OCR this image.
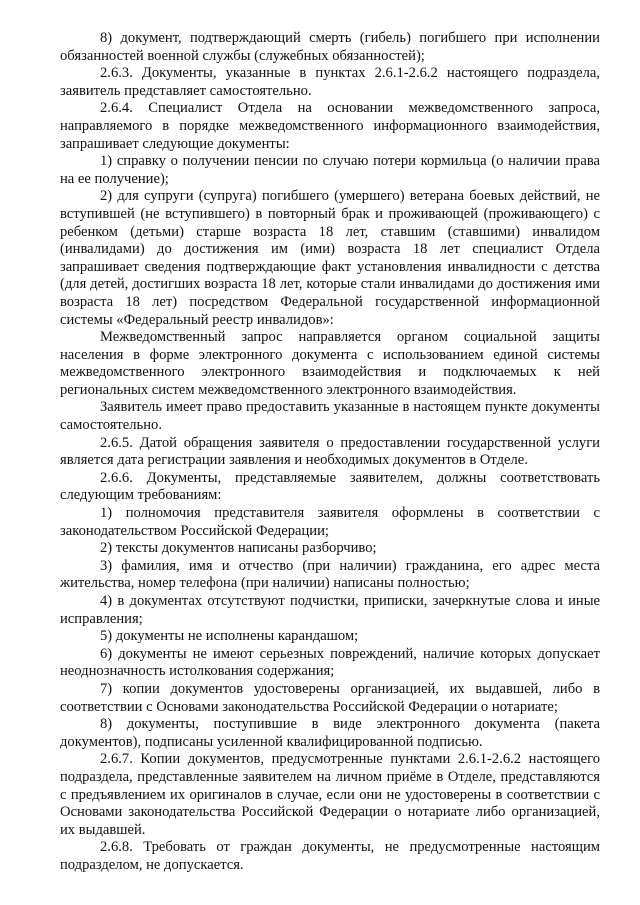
8) документ, подтверждающий смерть (гибель) погибшего при исполнении обязанностей военной службы (служебных обязанностей);

2.6.3. Документы, указанные в пунктах 2.6.1-2.6.2 настоящего подраздела, заявитель представляет самостоятельно.

2.6.4. Специалист Отдела на основании межведомственного запроса, направляемого в порядке межведомственного информационного взаимодействия, запрашивает следующие документы:

1) справку о получении пенсии по случаю потери кормильца (о наличии права на ее получение);

2) для супруги (супруга) погибшего (умершего) ветерана боевых действий, не вступившей (не вступившего) в повторный брак и проживающей (проживающего) с ребенком (детьми) старше возраста 18 лет, ставшим (ставшими) инвалидом (инвалидами) до достижения им (ими) возраста 18 лет специалист Отдела запрашивает сведения подтверждающие факт установления инвалидности с детства (для детей, достигших возраста 18 лет, которые стали инвалидами до достижения ими возраста 18 лет) посредством Федеральной государственной информационной системы «Федеральный реестр инвалидов»:

Межведомственный запрос направляется органом социальной защиты населения в форме электронного документа с использованием единой системы межведомственного электронного взаимодействия и подключаемых к ней региональных систем межведомственного электронного взаимодействия.

Заявитель имеет право предоставить указанные в настоящем пункте документы самостоятельно.

2.6.5. Датой обращения заявителя о предоставлении государственной услуги является дата регистрации заявления и необходимых документов в Отделе.

2.6.6. Документы, представляемые заявителем, должны соответствовать следующим требованиям:

1) полномочия представителя заявителя оформлены в соответствии с законодательством Российской Федерации;

2) тексты документов написаны разборчиво;

3) фамилия, имя и отчество (при наличии) гражданина, его адрес места жительства, номер телефона (при наличии) написаны полностью;

4) в документах отсутствуют подчистки, приписки, зачеркнутые слова и иные исправления;

5) документы не исполнены карандашом;

6) документы не имеют серьезных повреждений, наличие которых допускает неоднозначность истолкования содержания;

7) копии документов удостоверены организацией, их выдавшей, либо в соответствии с Основами законодательства Российской Федерации о нотариате;

8) документы, поступившие в виде электронного документа (пакета документов), подписаны усиленной квалифицированной подписью.

2.6.7. Копии документов, предусмотренные пунктами 2.6.1-2.6.2 настоящего подраздела, представленные заявителем на личном приёме в Отделе, представляются с предъявлением их оригиналов в случае, если они не удостоверены в соответствии с Основами законодательства Российской Федерации о нотариате либо организацией, их выдавшей.

2.6.8. Требовать от граждан документы, не предусмотренные настоящим подразделом, не допускается.
